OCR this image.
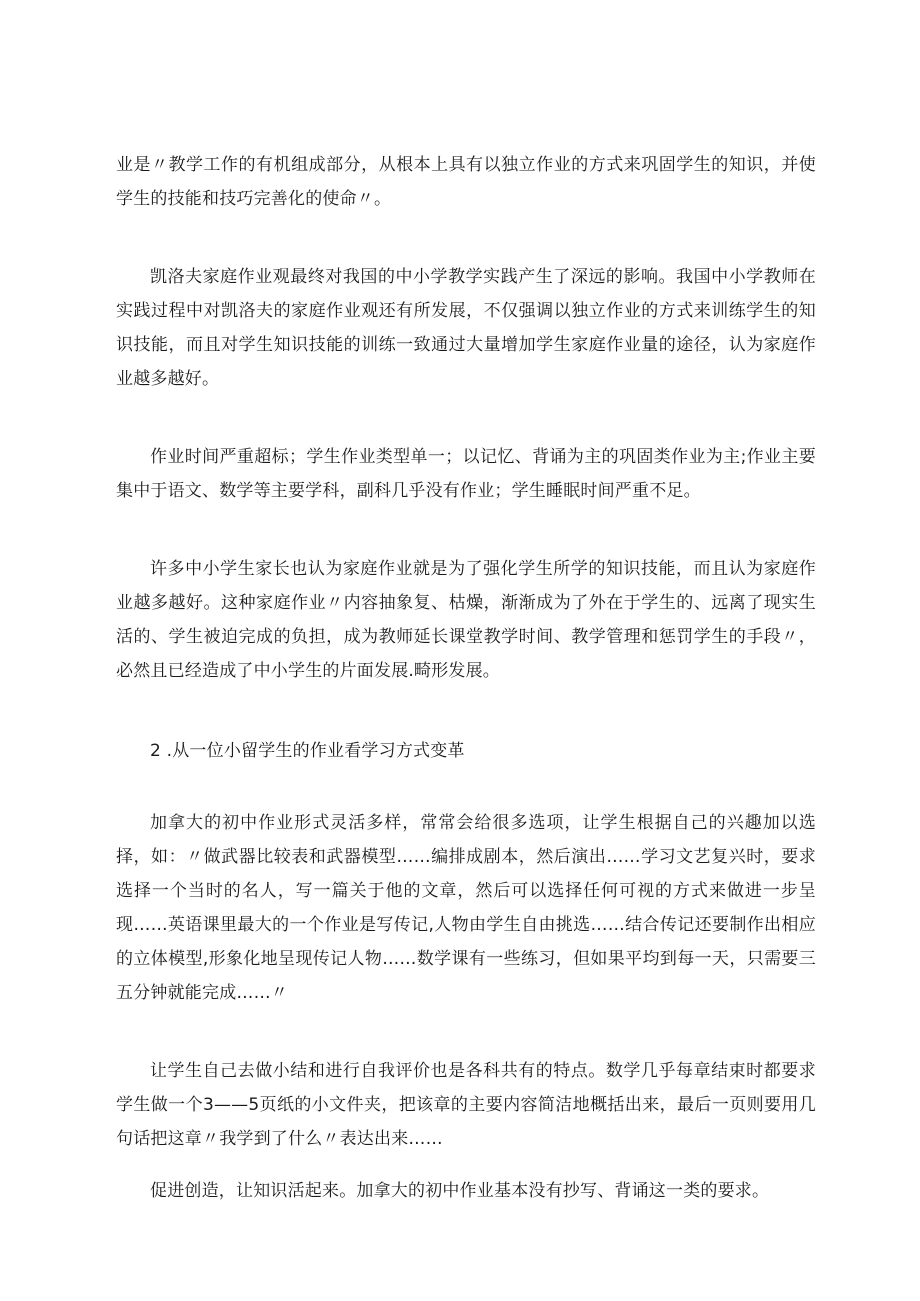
业是〃教学工作的有机组成部分，从根本上具有以独立作业的方式来巩固学生的知识，并使学生的技能和技巧完善化的使命〃。

凯洛夫家庭作业观最终对我国的中小学教学实践产生了深远的影响。我国中小学教师在实践过程中对凯洛夫的家庭作业观还有所发展，不仅强调以独立作业的方式来训练学生的知识技能，而且对学生知识技能的训练一致通过大量增加学生家庭作业量的途径，认为家庭作业越多越好。

作业时间严重超标；学生作业类型单一；以记忆、背诵为主的巩固类作业为主;作业主要集中于语文、数学等主要学科，副科几乎没有作业；学生睡眠时间严重不足。

许多中小学生家长也认为家庭作业就是为了强化学生所学的知识技能，而且认为家庭作业越多越好。这种家庭作业〃内容抽象复、枯燥，渐渐成为了外在于学生的、远离了现实生活的、学生被迫完成的负担，成为教师延长课堂教学时间、教学管理和惩罚学生的手段〃，必然且已经造成了中小学生的片面发展.畸形发展。

2 .从一位小留学生的作业看学习方式变革

加拿大的初中作业形式灵活多样，常常会给很多选项，让学生根据自己的兴趣加以选择，如：〃做武器比较表和武器模型……编排成剧本，然后演出……学习文艺复兴时，要求选择一个当时的名人，写一篇关于他的文章，然后可以选择任何可视的方式来做进一步呈现……英语课里最大的一个作业是写传记,人物由学生自由挑选……结合传记还要制作出相应的立体模型,形象化地呈现传记人物……数学课有一些练习，但如果平均到每一天，只需要三五分钟就能完成……〃

让学生自己去做小结和进行自我评价也是各科共有的特点。数学几乎每章结束时都要求学生做一个3——5页纸的小文件夹，把该章的主要内容简洁地概括出来，最后一页则要用几句话把这章〃我学到了什么〃表达出来……

促进创造，让知识活起来。加拿大的初中作业基本没有抄写、背诵这一类的要求。
